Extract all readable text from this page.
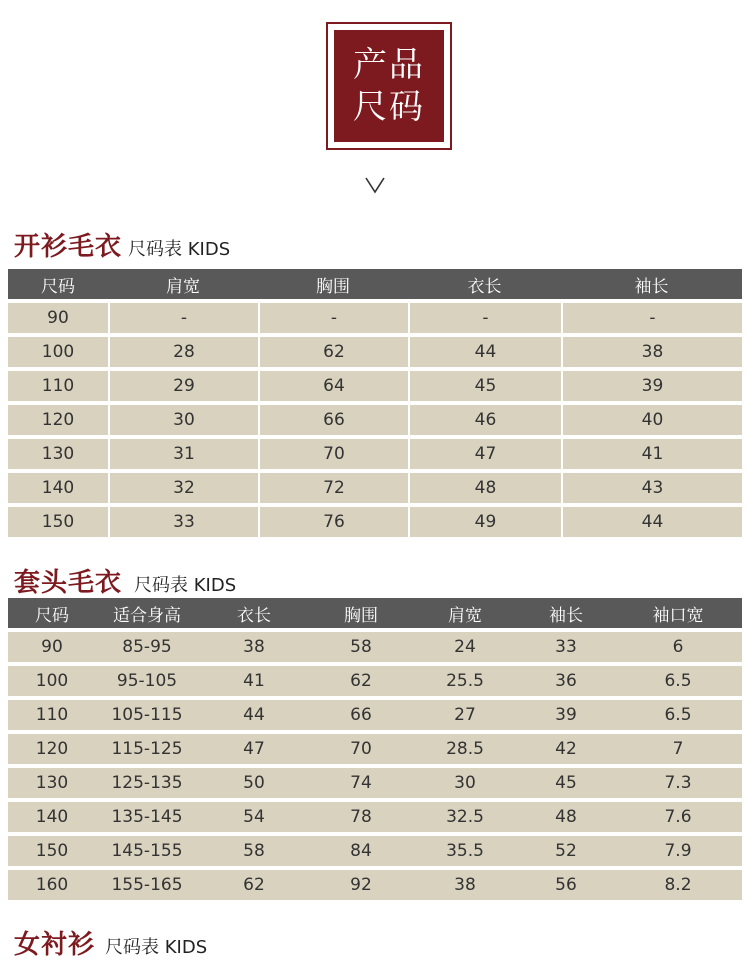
产品
尺码
开衫毛衣 尺码表 KIDS
尺码	肩宽	胸围	衣长	袖长
90	-	-	-	-
100	28	62	44	38
110	29	64	45	39
120	30	66	46	40
130	31	70	47	41
140	32	72	48	43
150	33	76	49	44
套头毛衣 尺码表 KIDS
尺码	适合身高	衣长	胸围	肩宽	袖长	袖口宽
90	85-95	38	58	24	33	6
100	95-105	41	62	25.5	36	6.5
110	105-115	44	66	27	39	6.5
120	115-125	47	70	28.5	42	7
130	125-135	50	74	30	45	7.3
140	135-145	54	78	32.5	48	7.6
150	145-155	58	84	35.5	52	7.9
160	155-165	62	92	38	56	8.2
女衬衫 尺码表 KIDS
